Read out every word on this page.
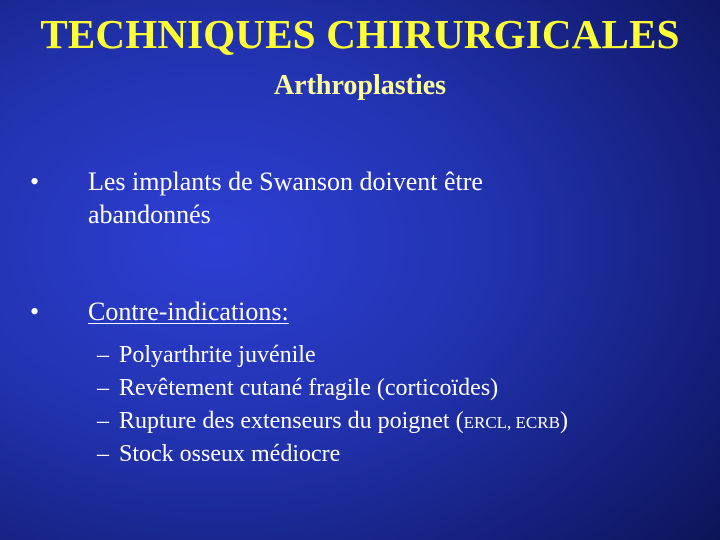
TECHNIQUES CHIRURGICALES
Arthroplasties
•	Les implants de Swanson doivent être
abandonnés
•	Contre-indications:
– Polyarthrite juvénile
– Revêtement cutané fragile (corticoïdes)
– Rupture des extenseurs du poignet (ERCL, ECRB)
– Stock osseux médiocre
